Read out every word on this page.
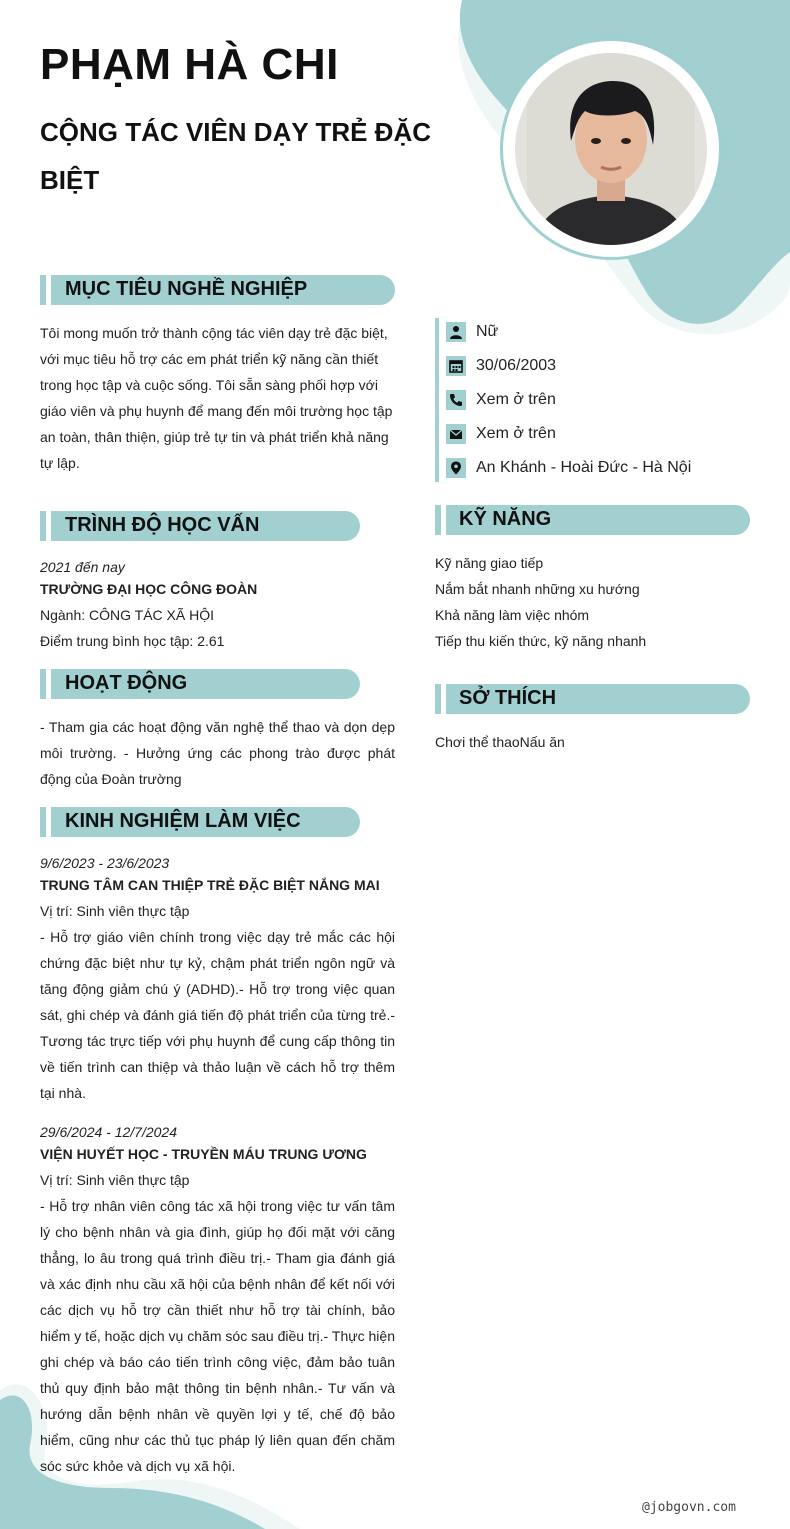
PHẠM HÀ CHI
CỘNG TÁC VIÊN DẠY TRẺ ĐẶC BIỆT
MỤC TIÊU NGHỀ NGHIỆP
Tôi mong muốn trở thành cộng tác viên dạy trẻ đặc biệt, với mục tiêu hỗ trợ các em phát triển kỹ năng cần thiết trong học tập và cuộc sống. Tôi sẵn sàng phối hợp với giáo viên và phụ huynh để mang đến môi trường học tập an toàn, thân thiện, giúp trẻ tự tin và phát triển khả năng tự lập.
TRÌNH ĐỘ HỌC VẤN
2021 đến nay
TRƯỜNG ĐẠI HỌC CÔNG ĐOÀN
Ngành: CÔNG TÁC XÃ HỘI
Điểm trung bình học tập: 2.61
HOẠT ĐỘNG
- Tham gia các hoạt động văn nghệ thể thao và dọn dẹp môi trường. - Hưởng ứng các phong trào được phát động của Đoàn trường
KINH NGHIỆM LÀM VIỆC
9/6/2023 - 23/6/2023
TRUNG TÂM CAN THIỆP TRẺ ĐẶC BIỆT NẮNG MAI
Vị trí: Sinh viên thực tập
- Hỗ trợ giáo viên chính trong việc dạy trẻ mắc các hội chứng đặc biệt như tự kỷ, chậm phát triển ngôn ngữ và tăng động giảm chú ý (ADHD).- Hỗ trợ trong việc quan sát, ghi chép và đánh giá tiến độ phát triển của từng trẻ.- Tương tác trực tiếp với phụ huynh để cung cấp thông tin về tiến trình can thiệp và thảo luận về cách hỗ trợ thêm tại nhà.
29/6/2024 - 12/7/2024
VIỆN HUYẾT HỌC - TRUYỀN MÁU TRUNG ƯƠNG
Vị trí: Sinh viên thực tập
- Hỗ trợ nhân viên công tác xã hội trong việc tư vấn tâm lý cho bệnh nhân và gia đình, giúp họ đối mặt với căng thẳng, lo âu trong quá trình điều trị.- Tham gia đánh giá và xác định nhu cầu xã hội của bệnh nhân để kết nối với các dịch vụ hỗ trợ cần thiết như hỗ trợ tài chính, bảo hiểm y tế, hoặc dịch vụ chăm sóc sau điều trị.- Thực hiện ghi chép và báo cáo tiến trình công việc, đảm bảo tuân thủ quy định bảo mật thông tin bệnh nhân.- Tư vấn và hướng dẫn bệnh nhân về quyền lợi y tế, chế độ bảo hiểm, cũng như các thủ tục pháp lý liên quan đến chăm sóc sức khỏe và dịch vụ xã hội.
Nữ
30/06/2003
Xem ở trên
Xem ở trên
An Khánh - Hoài Đức - Hà Nội
KỸ NĂNG
Kỹ năng giao tiếp
Nắm bắt nhanh những xu hướng
Khả năng làm việc nhóm
Tiếp thu kiến thức, kỹ năng nhanh
SỞ THÍCH
Chơi thể thaoNấu ăn
@jobgovn.com
